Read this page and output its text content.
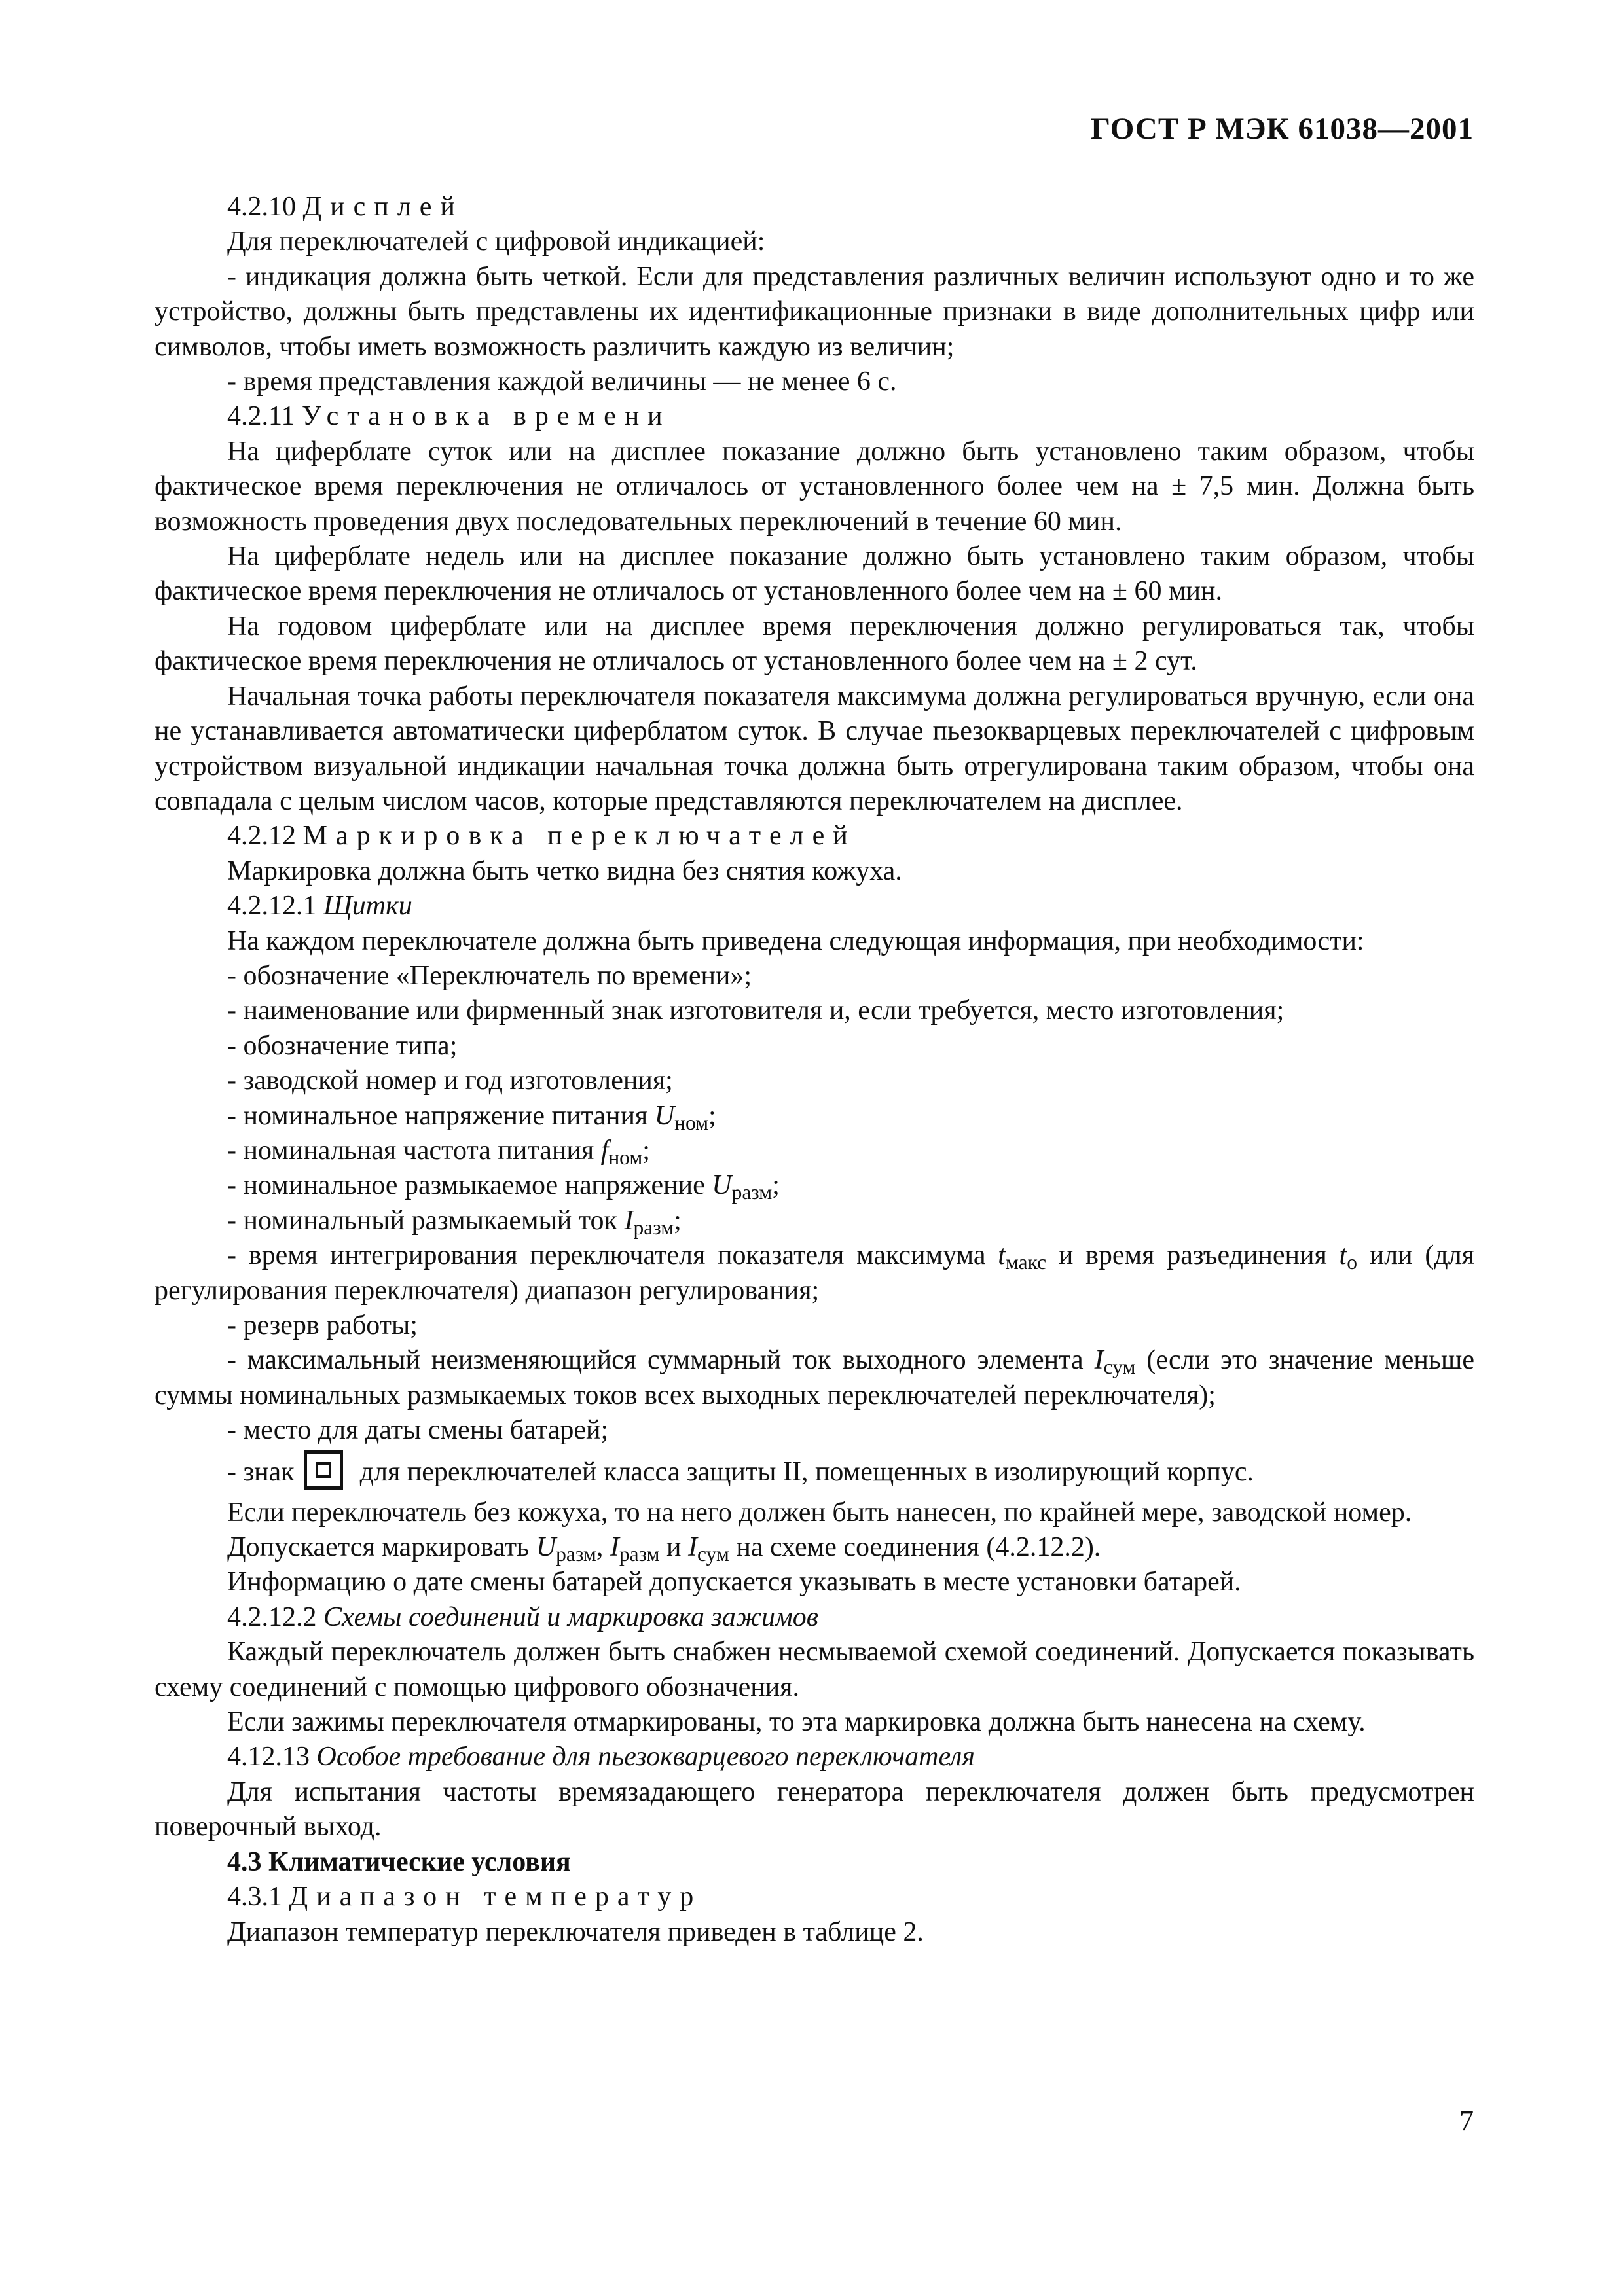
ГОСТ Р МЭК 61038—2001

4.2.10 Дисплей

Для переключателей с цифровой индикацией:

- индикация должна быть четкой. Если для представления различных величин используют одно и то же устройство, должны быть представлены их идентификационные признаки в виде дополнительных цифр или символов, чтобы иметь возможность различить каждую из величин;

- время представления каждой величины — не менее 6 с.

4.2.11 Установка времени

На циферблате суток или на дисплее показание должно быть установлено таким образом, чтобы фактическое время переключения не отличалось от установленного более чем на ± 7,5 мин. Должна быть возможность проведения двух последовательных переключений в течение 60 мин.

На циферблате недель или на дисплее показание должно быть установлено таким образом, чтобы фактическое время переключения не отличалось от установленного более чем на ± 60 мин.

На годовом циферблате или на дисплее время переключения должно регулироваться так, чтобы фактическое время переключения не отличалось от установленного более чем на ± 2 сут.

Начальная точка работы переключателя показателя максимума должна регулироваться вручную, если она не устанавливается автоматически циферблатом суток. В случае пьезокварцевых переключателей с цифровым устройством визуальной индикации начальная точка должна быть отрегулирована таким образом, чтобы она совпадала с целым числом часов, которые представляются переключателем на дисплее.

4.2.12 Маркировка переключателей

Маркировка должна быть четко видна без снятия кожуха.

4.2.12.1 Щитки

На каждом переключателе должна быть приведена следующая информация, при необходимости:

- обозначение «Переключатель по времени»;

- наименование или фирменный знак изготовителя и, если требуется, место изготовления;

- обозначение типа;

- заводской номер и год изготовления;

- номинальное напряжение питания $U_{ном}$;

- номинальная частота питания $f_{ном}$;

- номинальное размыкаемое напряжение $U_{разм}$;

- номинальный размыкаемый ток $I_{разм}$;

- время интегрирования переключателя показателя максимума $t_{макс}$ и время разъединения $t_о$ или (для регулирования переключателя) диапазон регулирования;

- резерв работы;

- максимальный неизменяющийся суммарный ток выходного элемента $I_{сум}$ (если это значение меньше суммы номинальных размыкаемых токов всех выходных переключателей переключателя);

- место для даты смены батарей;

- знак для переключателей класса защиты II, помещенных в изолирующий корпус.

Если переключатель без кожуха, то на него должен быть нанесен, по крайней мере, заводской номер.

Допускается маркировать $U_{разм}$, $I_{разм}$ и $I_{сум}$ на схеме соединения (4.2.12.2).

Информацию о дате смены батарей допускается указывать в месте установки батарей.

4.2.12.2 Схемы соединений и маркировка зажимов

Каждый переключатель должен быть снабжен несмываемой схемой соединений. Допускается показывать схему соединений с помощью цифрового обозначения.

Если зажимы переключателя отмаркированы, то эта маркировка должна быть нанесена на схему.

4.12.13 Особое требование для пьезокварцевого переключателя

Для испытания частоты времязадающего генератора переключателя должен быть предусмотрен поверочный выход.

4.3 Климатические условия

4.3.1 Диапазон температур

Диапазон температур переключателя приведен в таблице 2.

7
